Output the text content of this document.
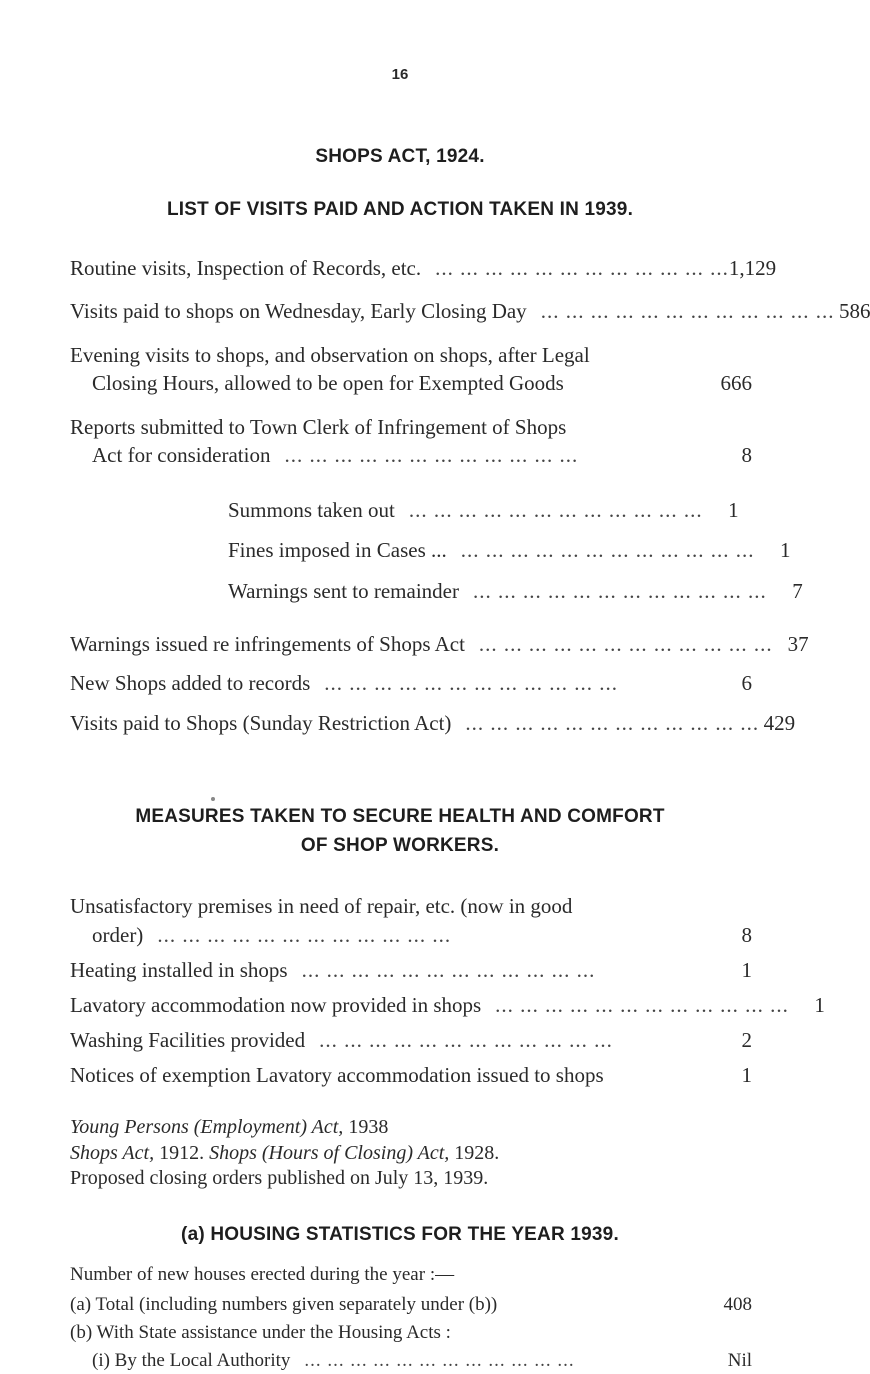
16
SHOPS ACT, 1924.
LIST OF VISITS PAID AND ACTION TAKEN IN 1939.
Routine visits, Inspection of Records, etc. ... ... ... ... ... ... ... ... ... ... ... ... 1,129
Visits paid to shops on Wednesday, Early Closing Day ... ... ... ... ... ... ... ... ... ... ... ... 586
Evening visits to shops, and observation on shops, after Legal
Closing Hours, allowed to be open for Exempted Goods	666
Reports submitted to Town Clerk of Infringement of Shops
Act for consideration ... ... ... ... ... ... ... ... ... ... ... ...	8
Summons taken out ... ... ... ... ... ... ... ... ... ... ... ...	1
Fines imposed in Cases ... ... ... ... ... ... ... ... ... ... ... ... ...	1
Warnings sent to remainder ... ... ... ... ... ... ... ... ... ... ... ...	7
Warnings issued re infringements of Shops Act ... ... ... ... ... ... ... ... ... ... ... ... 37
New Shops added to records ... ... ... ... ... ... ... ... ... ... ... ...	6
Visits paid to Shops (Sunday Restriction Act) ... ... ... ... ... ... ... ... ... ... ... ... 429
MEASURES TAKEN TO SECURE HEALTH AND COMFORT
OF SHOP WORKERS.
Unsatisfactory premises in need of repair, etc. (now in good
order) ... ... ... ... ... ... ... ... ... ... ... ...	8
Heating installed in shops ... ... ... ... ... ... ... ... ... ... ... ...	1
Lavatory accommodation now provided in shops ... ... ... ... ... ... ... ... ... ... ... ...	1
Washing Facilities provided ... ... ... ... ... ... ... ... ... ... ... ...	2
Notices of exemption Lavatory accommodation issued to shops	1
Young Persons (Employment) Act, 1938
Shops Act, 1912. Shops (Hours of Closing) Act, 1928.
Proposed closing orders published on July 13, 1939.
(a) HOUSING STATISTICS FOR THE YEAR 1939.
Number of new houses erected during the year :—
(a) Total (including numbers given separately under (b))	408
(b) With State assistance under the Housing Acts :
(i) By the Local Authority ... ... ... ... ... ... ... ... ... ... ... ...	Nil
